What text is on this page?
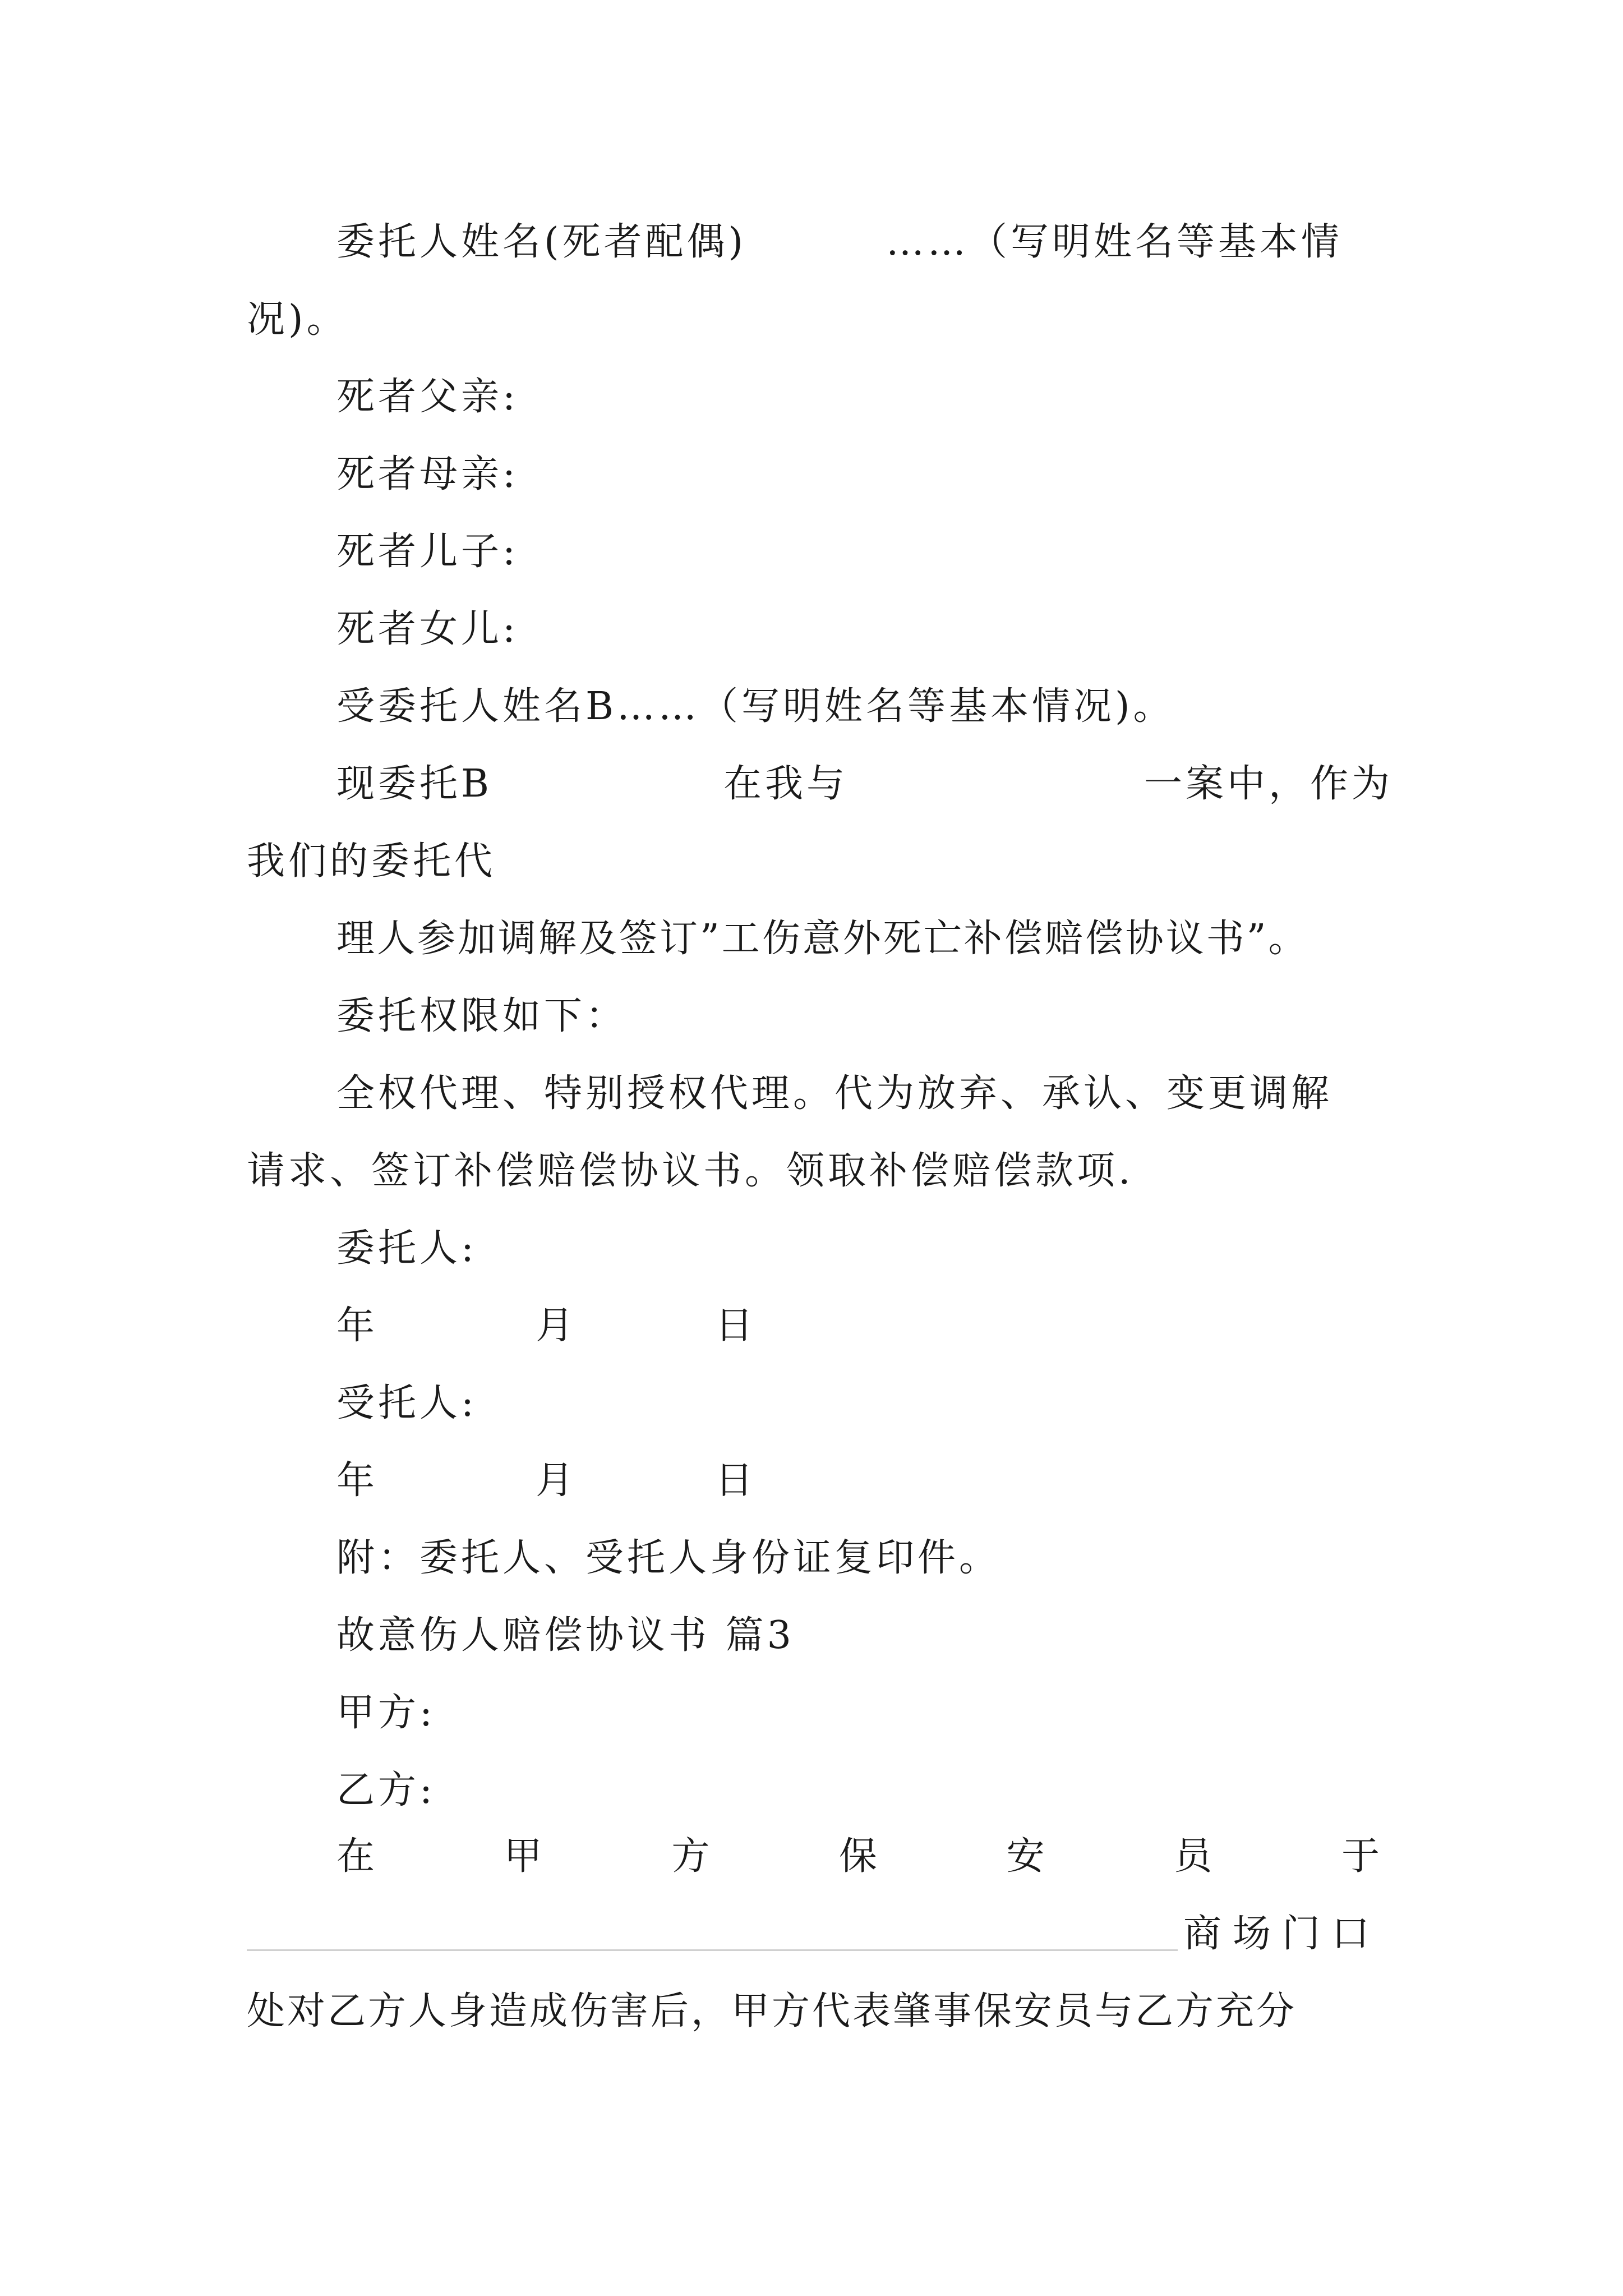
委托人姓名(死者配偶)	……（写明姓名等基本情
况)。
死者父亲:
死者母亲:
死者儿子:
死者女儿:
受委托人姓名B……（写明姓名等基本情况)。
现委托B	在我与	一案中，作为
我们的委托代
理人参加调解及签订”工伤意外死亡补偿赔偿协议书”。
委托权限如下：
全权代理、特别授权代理。代为放弃、承认、变更调解
请求、签订补偿赔偿协议书。领取补偿赔偿款项.
委托人:
年	月	日
受托人:
年	月	日
附：委托人、受托人身份证复印件。
故意伤人赔偿协议书 篇3
甲方:
乙方:
在	甲	方	保	安	员	于
商场门口
处对乙方人身造成伤害后，甲方代表肇事保安员与乙方充分
